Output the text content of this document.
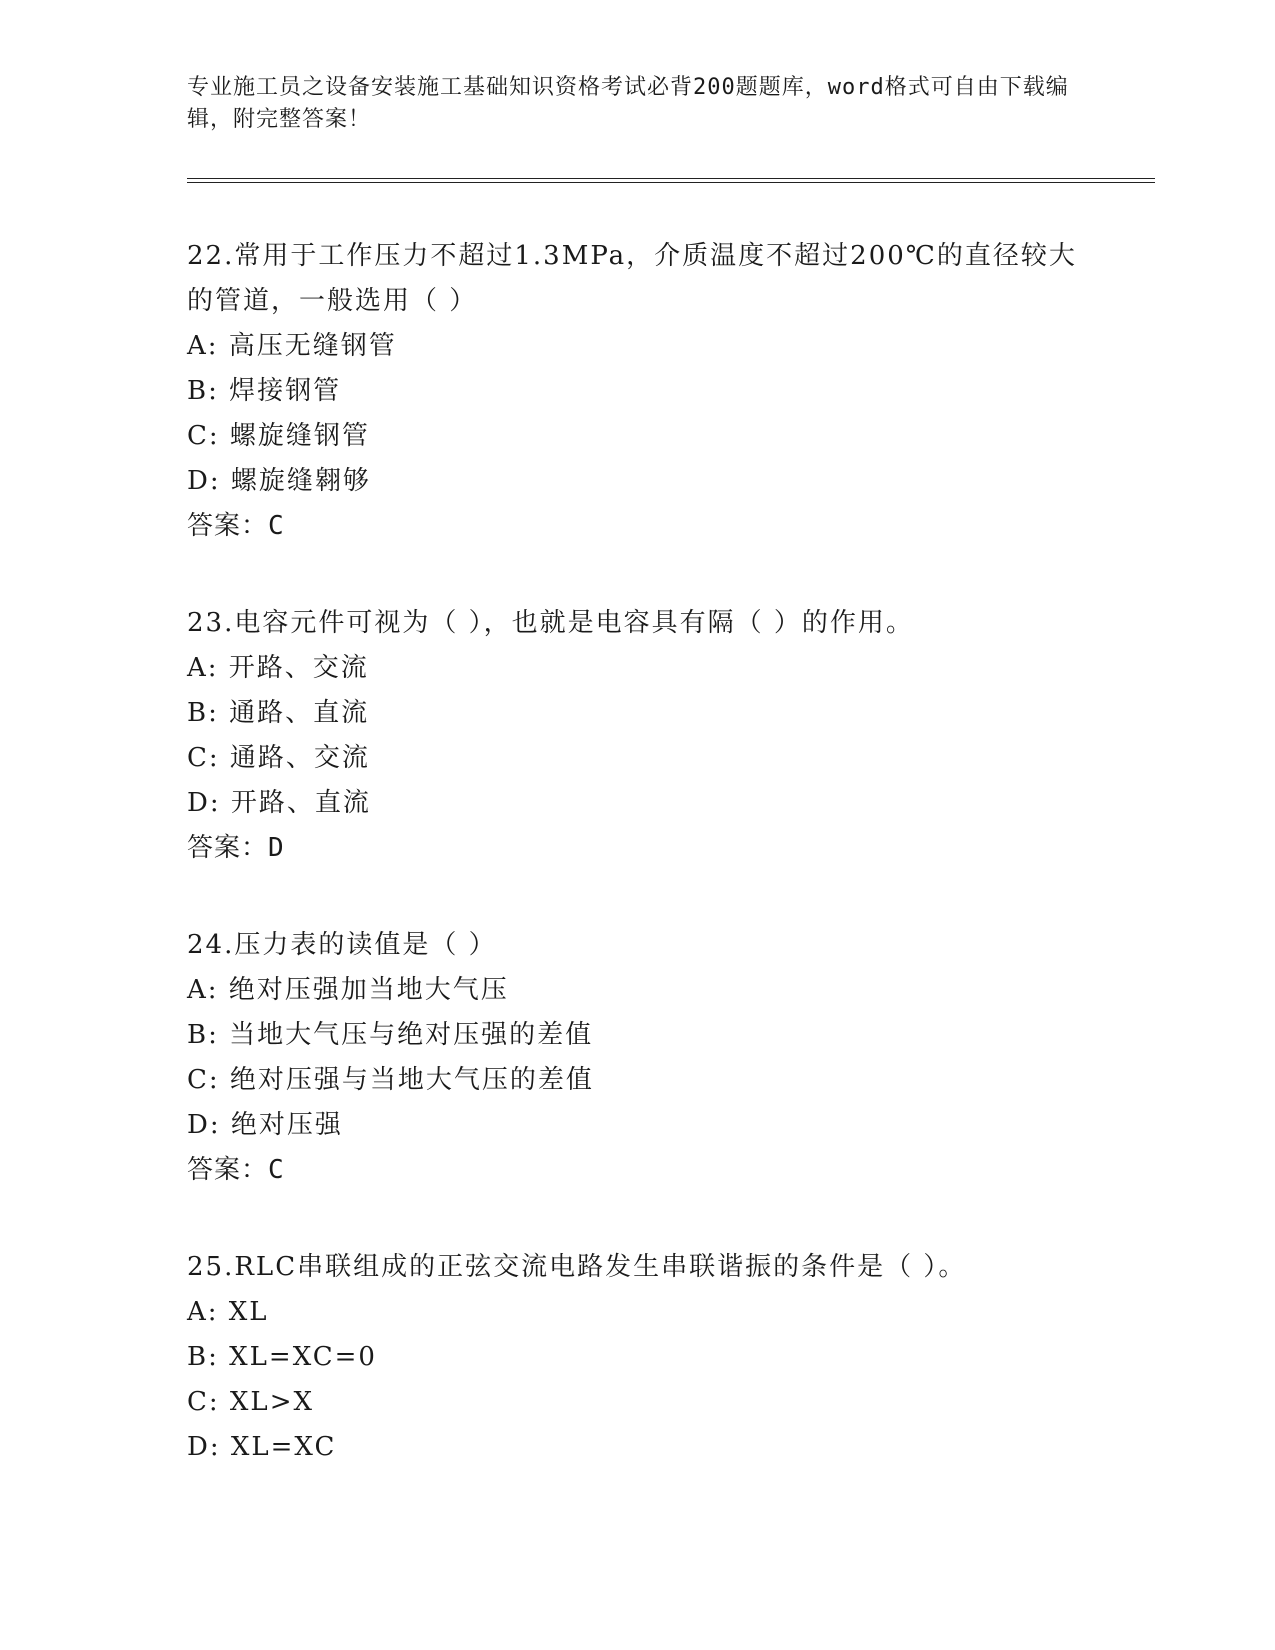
专业施工员之设备安装施工基础知识资格考试必背200题题库，word格式可自由下载编辑，附完整答案！

22.常用于工作压力不超过1.3MPa，介质温度不超过200℃的直径较大的管道，一般选用（ ）

A: 高压无缝钢管

B: 焊接钢管

C: 螺旋缝钢管

D: 螺旋缝翱够

答案：C

23.电容元件可视为（ ），也就是电容具有隔（ ）的作用。

A: 开路、交流

B: 通路、直流

C: 通路、交流

D: 开路、直流

答案：D

24.压力表的读值是（ ）

A: 绝对压强加当地大气压

B: 当地大气压与绝对压强的差值

C: 绝对压强与当地大气压的差值

D: 绝对压强

答案：C

25.RLC串联组成的正弦交流电路发生串联谐振的条件是（ ）。

A: XL

B: XL=XC=0

C: XL>X

D: XL=XC
